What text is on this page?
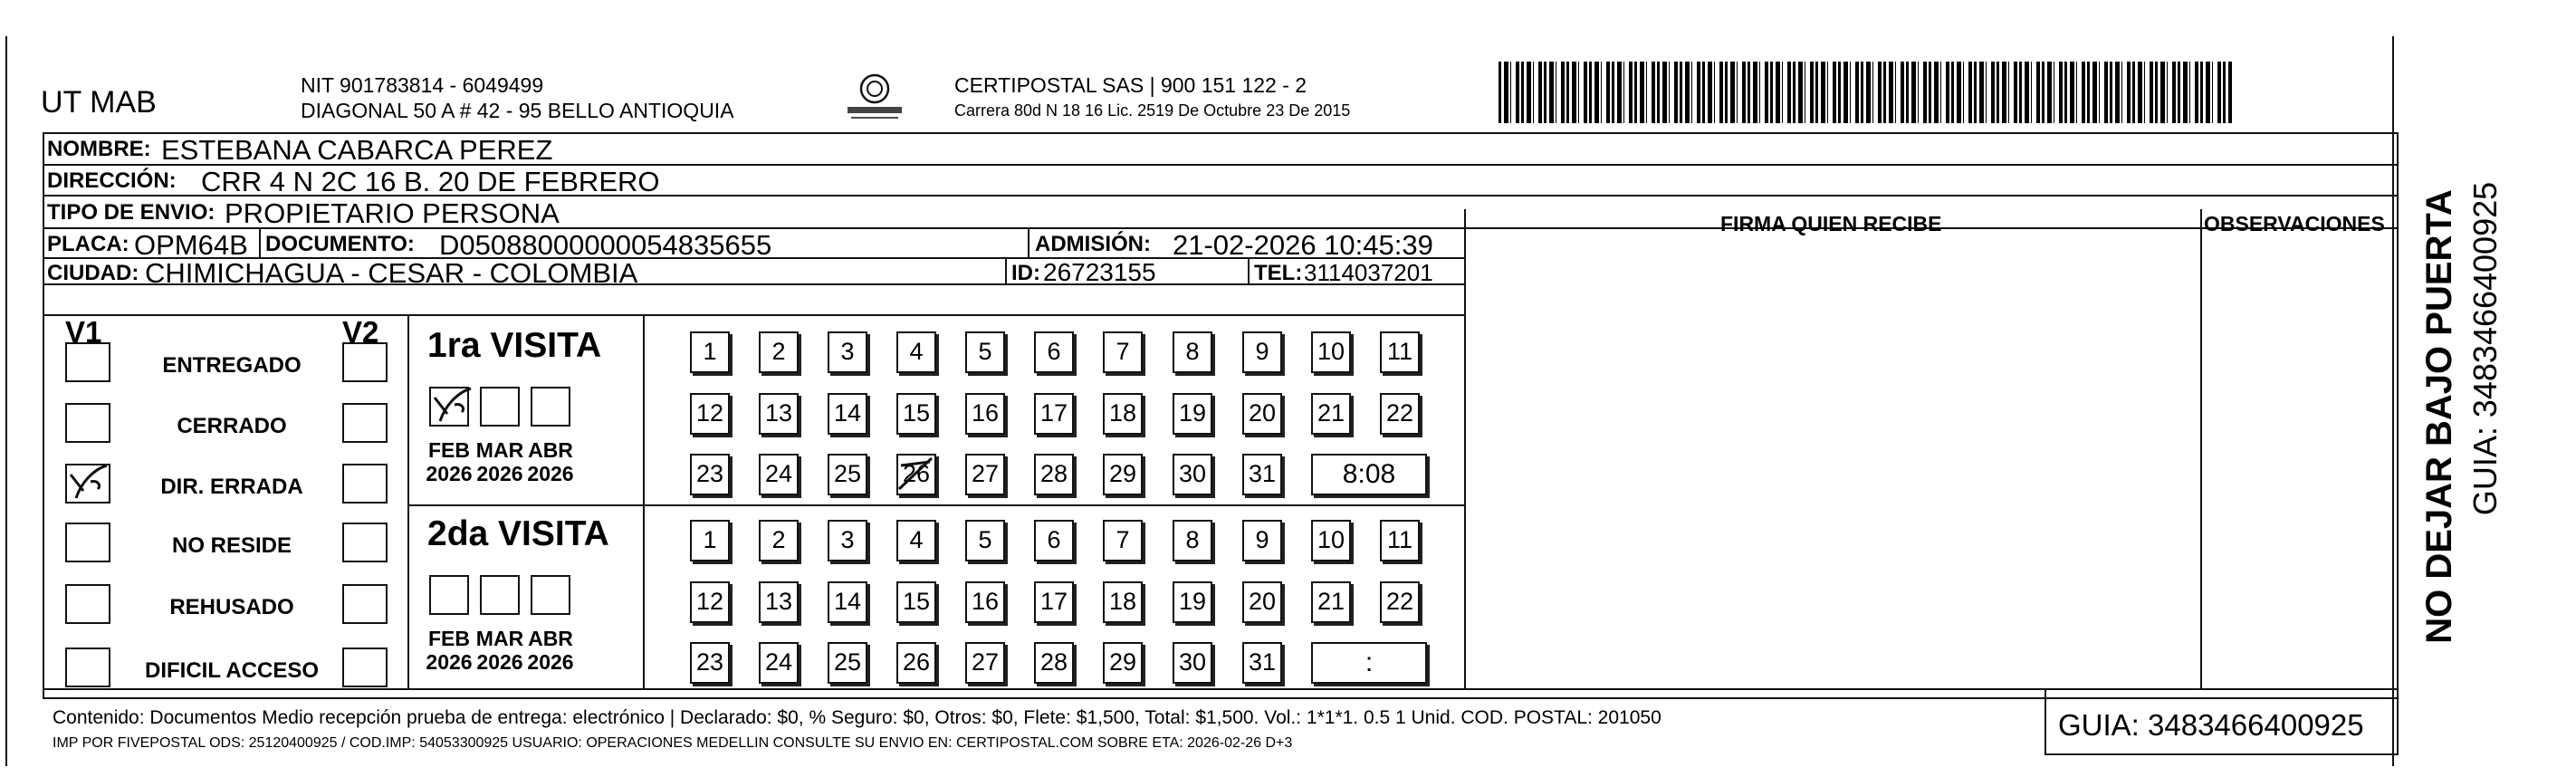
UT MAB	NIT 901783814 - 6049499
DIAGONAL 50 A # 42 - 95 BELLO ANTIOQUIA
CERTIPOSTAL SAS | 900 151 122 - 2
Carrera 80d N 18 16 Lic. 2519 De Octubre 23 De 2015
NOMBRE: ESTEBANA CABARCA PEREZ
DIRECCIÓN: CRR 4 N 2C 16 B. 20 DE FEBRERO
TIPO DE ENVIO: PROPIETARIO PERSONA	FIRMA QUIEN RECIBE	OBSERVACIONES
PLACA: OPM64B DOCUMENTO: D05088000000054835655	ADMISIÓN: 21-02-2026 10:45:39
CIUDAD: CHIMICHAGUA - CESAR - COLOMBIA	ID: 26723155	TEL: 3114037201
V1	V2
ENTREGADO
CERRADO
DIR. ERRADA
NO RESIDE
REHUSADO
DIFICIL ACCESO
1ra VISITA
FEB
2026
MAR
2026
ABR
2026
1	2	3	4	5	6	7	8	9	10 11
12 13 14 15 16 17 18 19 20 21 22
23 24 25 26 27 28 29 30 31	8:08
2da VISITA
FEB
2026
MAR
2026
ABR
2026
1	2	3	4	5	6	7	8	9	10 11
12 13 14 15 16 17 18 19 20 21 22
23 24 25 26 27 28 29 30 31	:
Contenido: Documentos Medio recepción prueba de entrega: electrónico | Declarado: $0, % Seguro: $0, Otros: $0, Flete: $1,500, Total: $1,500. Vol.: 1*1*1. 0.5 1 Unid. COD. POSTAL: 201050
IMP POR FIVEPOSTAL ODS: 25120400925 / COD.IMP: 54053300925 USUARIO: OPERACIONES MEDELLIN CONSULTE SU ENVIO EN: CERTIPOSTAL.COM SOBRE ETA: 2026-02-26 D+3
GUIA: 3483466400925
NO DEJAR BAJO PUERTA GUIA: 3483466400925
